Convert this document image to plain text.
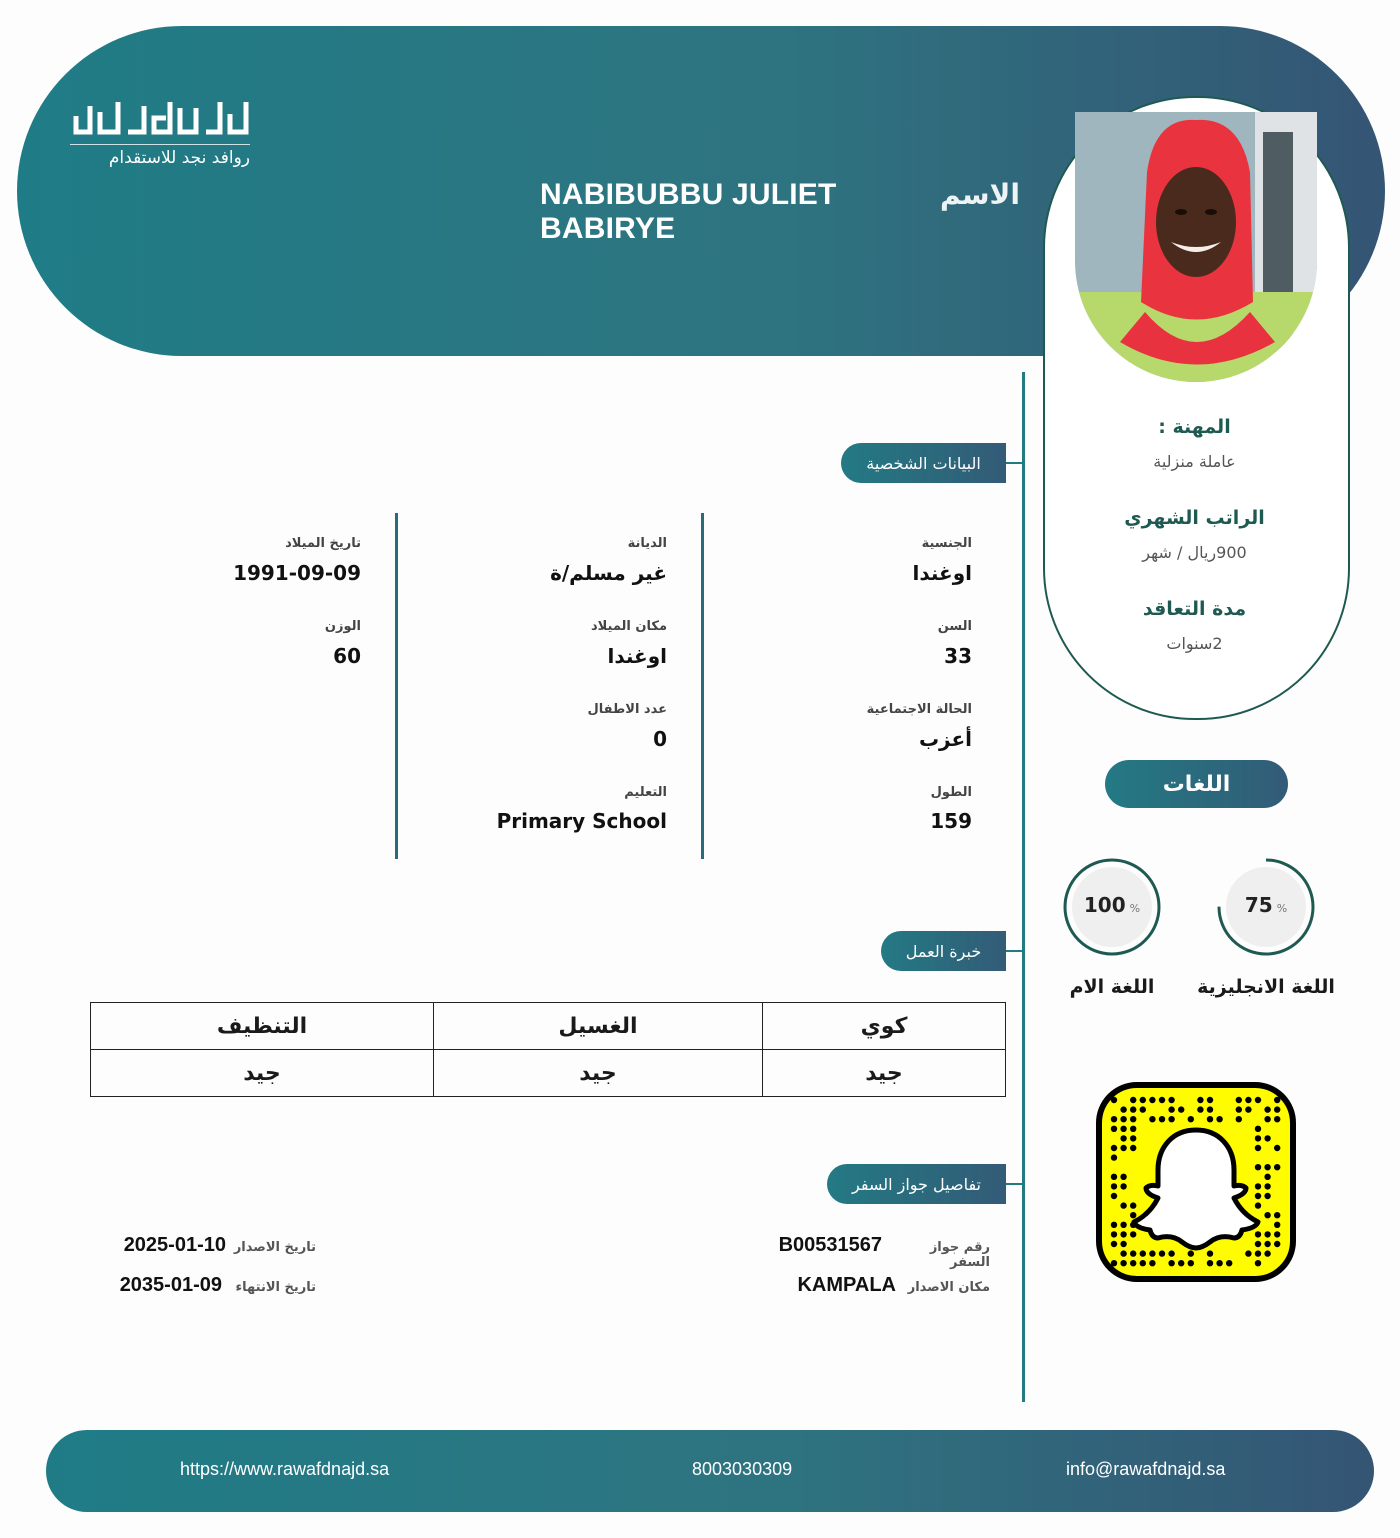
روافد نجد للاستقدام
NABIBUBBU JULIET BABIRYE
الاسم
المهنة :
عاملة منزلية
الراتب الشهري
900ريال / شهر
مدة التعاقد
2سنوات
البيانات الشخصية
الجنسية
اوغندا
السن
33
الحالة الاجتماعية
أعزب
الطول
159
الديانة
غير مسلم/ة
مكان الميلاد
اوغندا
عدد الاطفال
0
التعليم
Primary School
تاريخ الميلاد
1991-09-09
الوزن
60
خبرة العمل
كوي	الغسيل	التنظيف
جيد	جيد	جيد
تفاصيل جواز السفر
رقم جواز السفر
B00531567
مكان الاصدار
KAMPALA
تاريخ الاصدار
2025-01-10
تاريخ الانتهاء
2035-01-09
اللغات
75 %
اللغة الانجليزية
100 %
اللغة الام
https://www.rawafdnajd.sa	8003030309	info@rawafdnajd.sa
